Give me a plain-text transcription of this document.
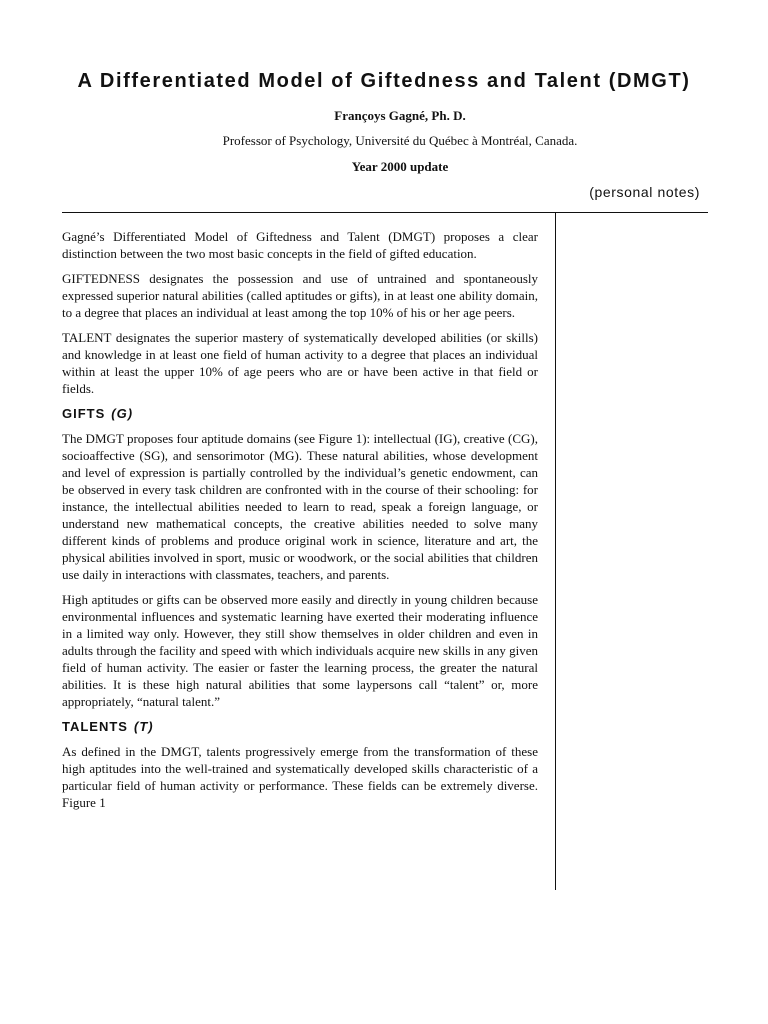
A Differentiated Model of Giftedness and Talent (DMGT)
Françoys Gagné, Ph. D.
Professor of Psychology, Université du Québec à Montréal, Canada.
Year 2000 update
(personal notes)

Gagné’s Differentiated Model of Giftedness and Talent (DMGT) proposes a clear distinction between the two most basic concepts in the field of gifted education.

GIFTEDNESS designates the possession and use of untrained and spontaneously expressed superior natural abilities (called aptitudes or gifts), in at least one ability domain, to a degree that places an individual at least among the top 10% of his or her age peers.

TALENT designates the superior mastery of systematically developed abilities (or skills) and knowledge in at least one field of human activity to a degree that places an individual within at least the upper 10% of age peers who are or have been active in that field or fields.

GIFTS (G)

The DMGT proposes four aptitude domains (see Figure 1): intellectual (IG), creative (CG), socioaffective (SG), and sensorimotor (MG). These natural abilities, whose development and level of expression is partially controlled by the individual’s genetic endowment, can be observed in every task children are confronted with in the course of their schooling: for instance, the intellectual abilities needed to learn to read, speak a foreign language, or understand new mathematical concepts, the creative abilities needed to solve many different kinds of problems and produce original work in science, literature and art, the physical abilities involved in sport, music or woodwork, or the social abilities that children use daily in interactions with classmates, teachers, and parents.

High aptitudes or gifts can be observed more easily and directly in young children because environmental influences and systematic learning have exerted their moderating influence in a limited way only. However, they still show themselves in older children and even in adults through the facility and speed with which individuals acquire new skills in any given field of human activity. The easier or faster the learning process, the greater the natural abilities. It is these high natural abilities that some laypersons call “talent” or, more appropriately, “natural talent.”

TALENTS (T)

As defined in the DMGT, talents progressively emerge from the transformation of these high aptitudes into the well-trained and systematically developed skills characteristic of a particular field of human activity or performance. These fields can be extremely diverse. Figure 1
